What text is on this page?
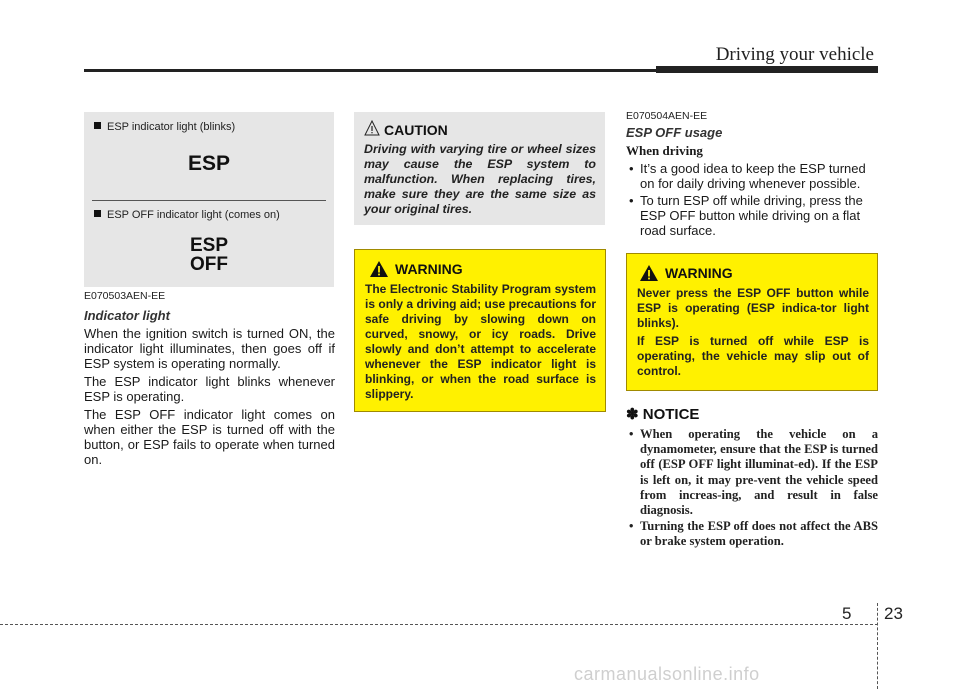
Driving your vehicle
ESP indicator light (blinks)
ESP
ESP OFF indicator light (comes on)
ESP
OFF

E070503AEN-EE

Indicator light

When the ignition switch is turned ON, the indicator light illuminates, then goes off if ESP system is operating normally.

The ESP indicator light blinks whenever ESP is operating.

The ESP OFF indicator light comes on when either the ESP is turned off with the button, or ESP fails to operate when turned on.

CAUTION
Driving with varying tire or wheel sizes may cause the ESP system to malfunction. When replacing tires, make sure they are the same size as your original tires.
WARNING
The Electronic Stability Program system is only a driving aid; use precautions for safe driving by slowing down on curved, snowy, or icy roads. Drive slowly and don’t attempt to accelerate whenever the ESP indicator light is blinking, or when the road surface is slippery.

E070504AEN-EE

ESP OFF usage

When driving

• It’s a good idea to keep the ESP turned on for daily driving whenever possible.
• To turn ESP off while driving, press the ESP OFF button while driving on a flat road surface.
WARNING
Never press the ESP OFF button while ESP is operating (ESP indica-tor light blinks).
If ESP is turned off while ESP is operating, the vehicle may slip out of control.

✽ NOTICE

• When operating the vehicle on a dynamometer, ensure that the ESP is turned off (ESP OFF light illuminat-ed). If the ESP is left on, it may pre-vent the vehicle speed from increas-ing, and result in false diagnosis.
• Turning the ESP off does not affect the ABS or brake system operation.
5 23
carmanualsonline.info
